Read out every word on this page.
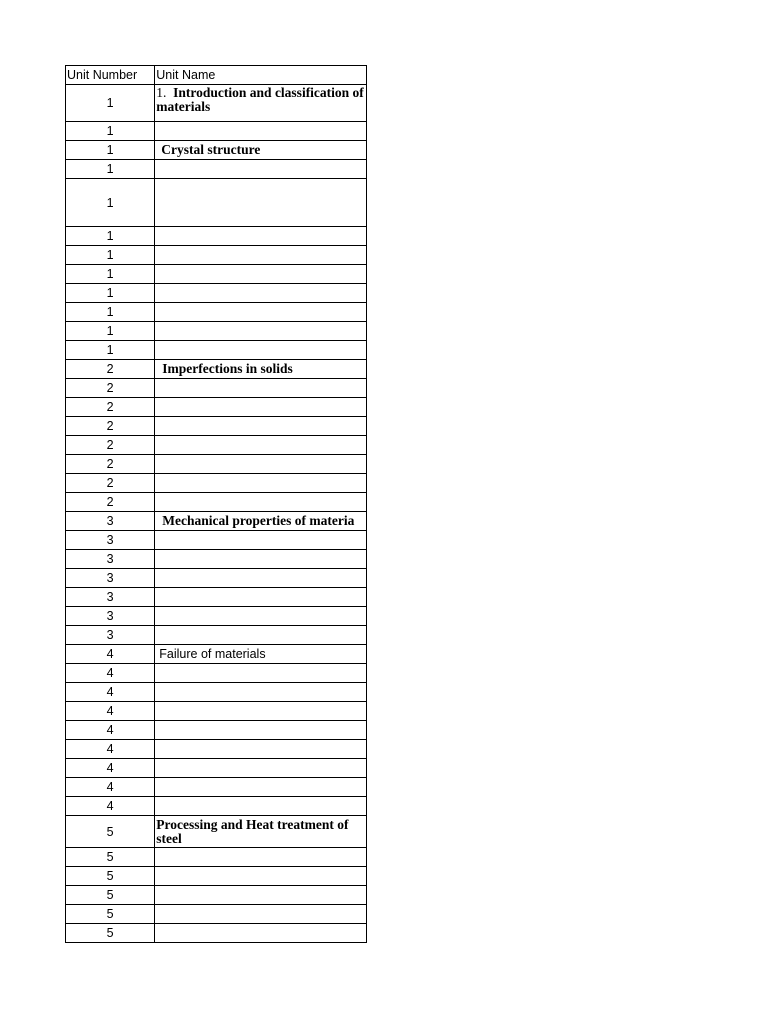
Unit Number	Unit Name
1	1.  Introduction and classification of materials
1	
1	Crystal structure
1	
1	
1	
1	
1	
1	
1	
1	
1	
2	Imperfections in solids
2	
2	
2	
2	
2	
2	
2	
3	Mechanical properties of materia
3	
3	
3	
3	
3	
3	
4	Failure of materials
4	
4	
4	
4	
4	
4	
4	
4	
5	Processing and Heat treatment of steel
5	
5	
5	
5	
5	
